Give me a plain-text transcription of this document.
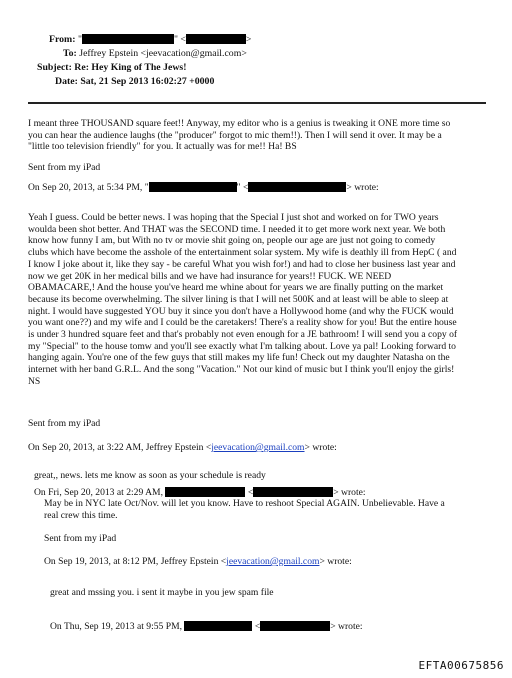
From: "	" <	>
To: Jeffrey Epstein <jeevacation@gmail.com>
Subject: Re: Hey King of The Jews!
Date: Sat, 21 Sep 2013 16:02:27 +0000
I meant three THOUSAND square feet!! Anyway, my editor who is a genius is tweaking it ONE more time so
you can hear the audience laughs (the "producer" forgot to mic them!!). Then I will send it over. It may be a
"little too television friendly" for you. It actually was for me!! Ha! BS
Sent from my iPad
On Sep 20, 2013, at 5:34 PM, "	" <	> wrote:
Yeah I guess. Could be better news. I was hoping that the Special I just shot and worked on for TWO years
woulda been shot better. And THAT was the SECOND time. I needed it to get more work next year. We both
know how funny I am, but With no tv or movie shit going on, people our age are just not going to comedy
clubs which have become the asshole of the entertainment solar system. My wife is deathly ill from HepC ( and
I know I joke about it, like they say - be careful What you wish for!) and had to close her business last year and
now we get 20K in her medical bills and we have had insurance for years!! FUCK. WE NEED
OBAMACARE,! And the house you've heard me whine about for years we are finally putting on the market
because its become overwhelming. The silver lining is that I will net 500K and at least will be able to sleep at
night. I would have suggested YOU buy it since you don't have a Hollywood home (and why the FUCK would
you want one??) and my wife and I could be the caretakers! There's a reality show for you! But the entire house
is under 3 hundred square feet and that's probably not even enough for a JE bathroom! I will send you a copy of
my "Special" to the house tomw and you'll see exactly what I'm talking about. Love ya pal! Looking forward to
hanging again. You're one of the few guys that still makes my life fun! Check out my daughter Natasha on the
internet with her band G.R.L. And the song "Vacation." Not our kind of music but I think you'll enjoy the girls!
NS
Sent from my iPad
On Sep 20, 2013, at 3:22 AM, Jeffrey Epstein <jeevacation@gmail.com> wrote:
great,, news. lets me know as soon as your schedule is ready
On Fri, Sep 20, 2013 at 2:29 AM,	<	> wrote:
May be in NYC late Oct/Nov. will let you know. Have to reshoot Special AGAIN. Unbelievable. Have a
real crew this time.
Sent from my iPad
On Sep 19, 2013, at 8:12 PM, Jeffrey Epstein <jeevacation@gmail.com> wrote:
great and mssing you. i sent it maybe in you jew spam file
On Thu, Sep 19, 2013 at 9:55 PM,	<	> wrote:
EFTA00675856
